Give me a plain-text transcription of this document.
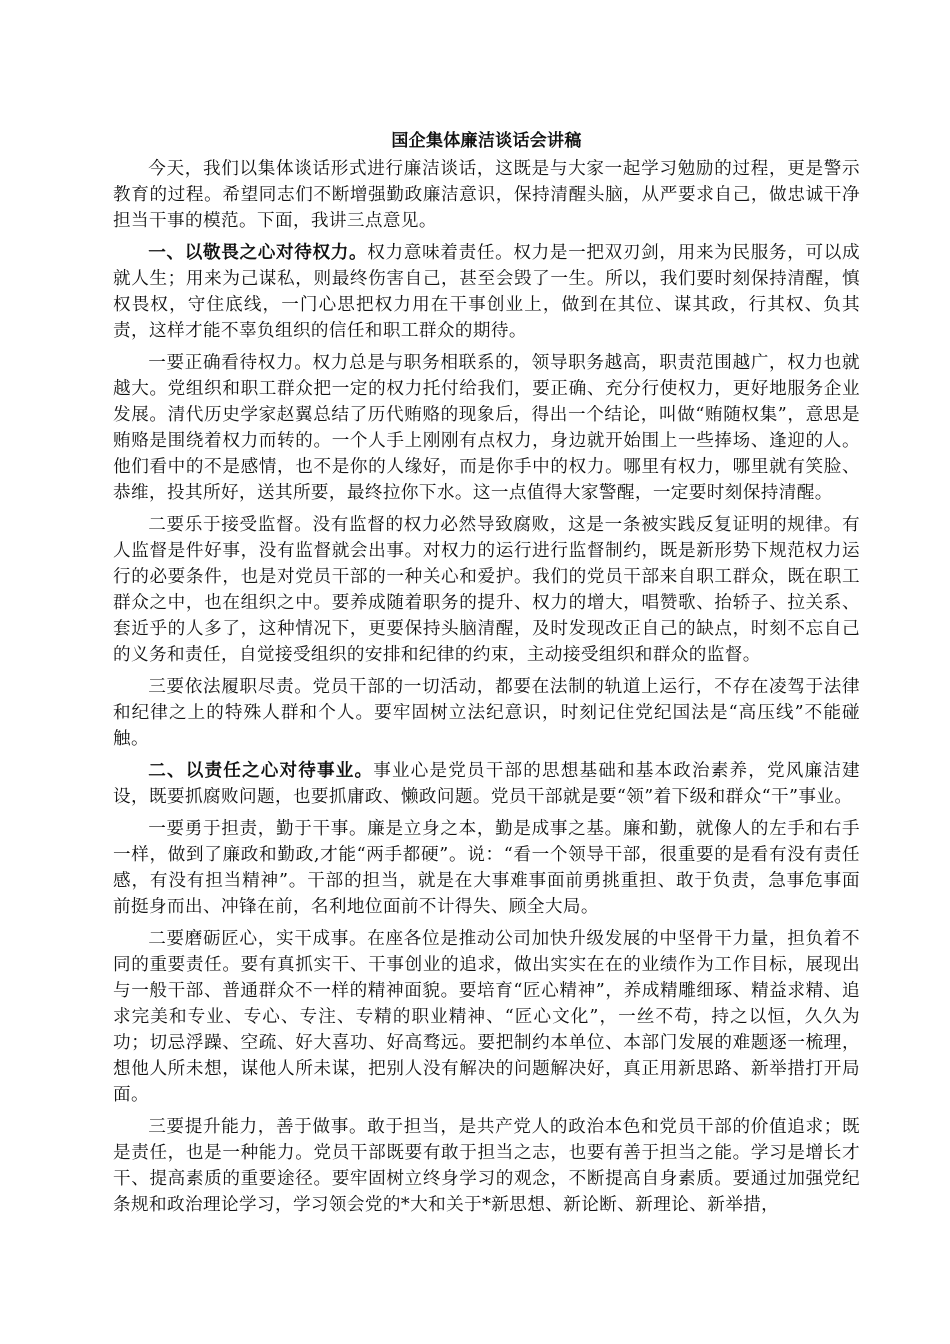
国企集体廉洁谈话会讲稿

今天，我们以集体谈话形式进行廉洁谈话，这既是与大家一起学习勉励的过程，更是警示教育的过程。希望同志们不断增强勤政廉洁意识，保持清醒头脑，从严要求自己，做忠诚干净担当干事的模范。下面，我讲三点意见。

一、以敬畏之心对待权力。权力意味着责任。权力是一把双刃剑，用来为民服务，可以成就人生；用来为己谋私，则最终伤害自己，甚至会毁了一生。所以，我们要时刻保持清醒，慎权畏权，守住底线，一门心思把权力用在干事创业上，做到在其位、谋其政，行其权、负其责，这样才能不辜负组织的信任和职工群众的期待。

一要正确看待权力。权力总是与职务相联系的，领导职务越高，职责范围越广，权力也就越大。党组织和职工群众把一定的权力托付给我们，要正确、充分行使权力，更好地服务企业发展。清代历史学家赵翼总结了历代贿赂的现象后，得出一个结论，叫做“贿随权集”，意思是贿赂是围绕着权力而转的。一个人手上刚刚有点权力，身边就开始围上一些捧场、逢迎的人。他们看中的不是感情，也不是你的人缘好，而是你手中的权力。哪里有权力，哪里就有笑脸、恭维，投其所好，送其所要，最终拉你下水。这一点值得大家警醒，一定要时刻保持清醒。

二要乐于接受监督。没有监督的权力必然导致腐败，这是一条被实践反复证明的规律。有人监督是件好事，没有监督就会出事。对权力的运行进行监督制约，既是新形势下规范权力运行的必要条件，也是对党员干部的一种关心和爱护。我们的党员干部来自职工群众，既在职工群众之中，也在组织之中。要养成随着职务的提升、权力的增大，唱赞歌、抬轿子、拉关系、套近乎的人多了，这种情况下，更要保持头脑清醒，及时发现改正自己的缺点，时刻不忘自己的义务和责任，自觉接受组织的安排和纪律的约束，主动接受组织和群众的监督。

三要依法履职尽责。党员干部的一切活动，都要在法制的轨道上运行，不存在凌驾于法律和纪律之上的特殊人群和个人。要牢固树立法纪意识，时刻记住党纪国法是“高压线”不能碰触。

二、以责任之心对待事业。事业心是党员干部的思想基础和基本政治素养，党风廉洁建设，既要抓腐败问题，也要抓庸政、懒政问题。党员干部就是要“领”着下级和群众“干”事业。

一要勇于担责，勤于干事。廉是立身之本，勤是成事之基。廉和勤，就像人的左手和右手一样，做到了廉政和勤政,才能“两手都硬”。说：“看一个领导干部，很重要的是看有没有责任感，有没有担当精神”。干部的担当，就是在大事难事面前勇挑重担、敢于负责，急事危事面前挺身而出、冲锋在前，名利地位面前不计得失、顾全大局。

二要磨砺匠心，实干成事。在座各位是推动公司加快升级发展的中坚骨干力量，担负着不同的重要责任。要有真抓实干、干事创业的追求，做出实实在在的业绩作为工作目标，展现出与一般干部、普通群众不一样的精神面貌。要培育“匠心精神”，养成精雕细琢、精益求精、追求完美和专业、专心、专注、专精的职业精神、“匠心文化”，一丝不苟，持之以恒，久久为功；切忌浮躁、空疏、好大喜功、好高骛远。要把制约本单位、本部门发展的难题逐一梳理，想他人所未想，谋他人所未谋，把别人没有解决的问题解决好，真正用新思路、新举措打开局面。

三要提升能力，善于做事。敢于担当，是共产党人的政治本色和党员干部的价值追求；既是责任，也是一种能力。党员干部既要有敢于担当之志，也要有善于担当之能。学习是增长才干、提高素质的重要途径。要牢固树立终身学习的观念，不断提高自身素质。要通过加强党纪条规和政治理论学习，学习领会党的*大和关于*新思想、新论断、新理论、新举措，
